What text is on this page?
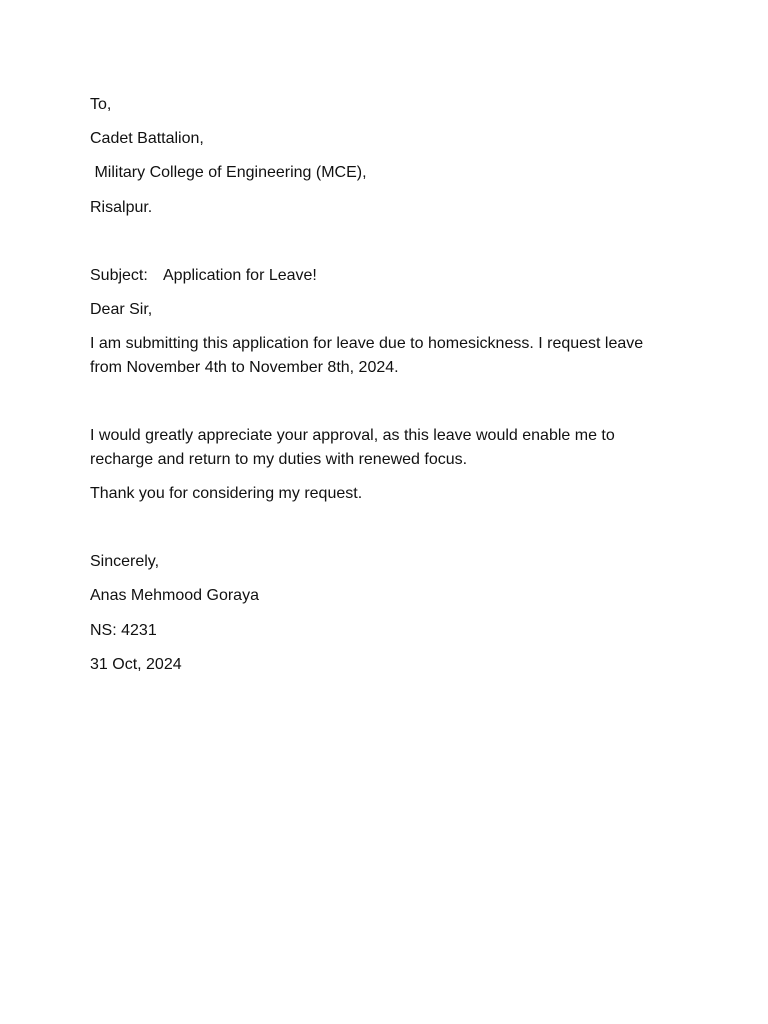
To,

Cadet Battalion,

Military College of Engineering (MCE),

Risalpur.

Subject: Application for Leave!

Dear Sir,

I am submitting this application for leave due to homesickness. I request leave from November 4th to November 8th, 2024.

I would greatly appreciate your approval, as this leave would enable me to recharge and return to my duties with renewed focus.

Thank you for considering my request.

Sincerely,

Anas Mehmood Goraya

NS: 4231

31 Oct, 2024
